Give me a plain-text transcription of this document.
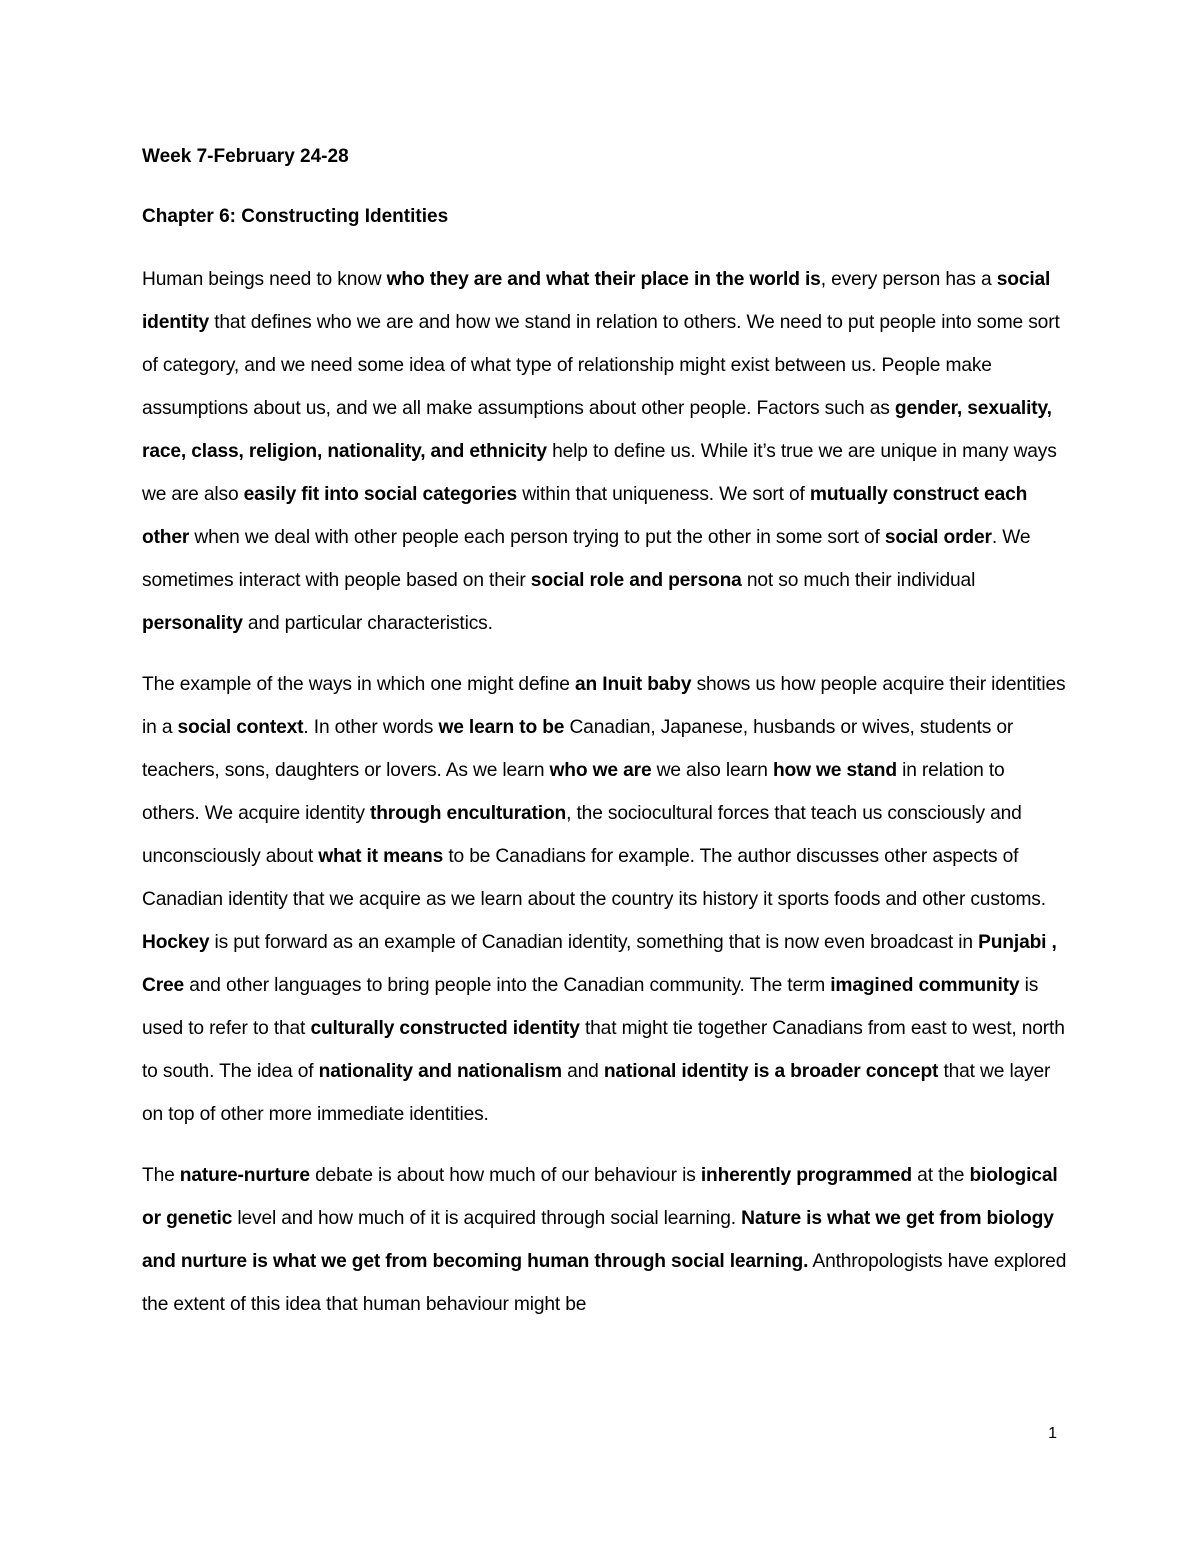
Week 7-February 24-28

Chapter 6: Constructing Identities

Human beings need to know who they are and what their place in the world is, every person has a social identity that defines who we are and how we stand in relation to others. We need to put people into some sort of category, and we need some idea of what type of relationship might exist between us. People make assumptions about us, and we all make assumptions about other people. Factors such as gender, sexuality, race, class, religion, nationality, and ethnicity help to define us. While it’s true we are unique in many ways we are also easily fit into social categories within that uniqueness. We sort of mutually construct each other when we deal with other people each person trying to put the other in some sort of social order. We sometimes interact with people based on their social role and persona not so much their individual personality and particular characteristics.

The example of the ways in which one might define an Inuit baby shows us how people acquire their identities in a social context. In other words we learn to be Canadian, Japanese, husbands or wives, students or teachers, sons, daughters or lovers. As we learn who we are we also learn how we stand in relation to others. We acquire identity through enculturation, the sociocultural forces that teach us consciously and unconsciously about what it means to be Canadians for example. The author discusses other aspects of Canadian identity that we acquire as we learn about the country its history it sports foods and other customs. Hockey is put forward as an example of Canadian identity, something that is now even broadcast in Punjabi , Cree and other languages to bring people into the Canadian community. The term imagined community is used to refer to that culturally constructed identity that might tie together Canadians from east to west, north to south. The idea of nationality and nationalism and national identity is a broader concept that we layer on top of other more immediate identities.

The nature-nurture debate is about how much of our behaviour is inherently programmed at the biological or genetic level and how much of it is acquired through social learning. Nature is what we get from biology and nurture is what we get from becoming human through social learning. Anthropologists have explored the extent of this idea that human behaviour might be

1
